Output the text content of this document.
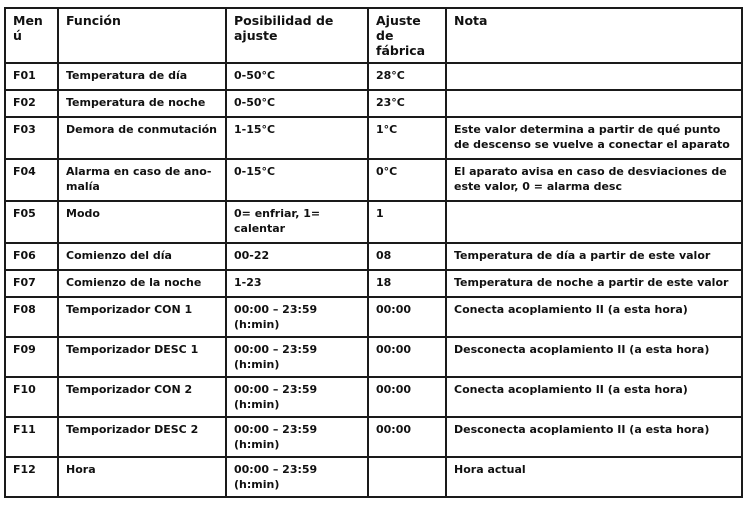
Menú	Función	Posibilidad de ajuste	Ajuste de fábrica	Nota
F01	Temperatura de día	0-50°C	28°C	
F02	Temperatura de noche	0-50°C	23°C	
F03	Demora de conmutación	1-15°C	1°C	Este valor determina a partir de qué punto de descenso se vuelve a conectar el aparato
F04	Alarma en caso de ano-malía	0-15°C	0°C	El aparato avisa en caso de desviaciones de este valor, 0 = alarma desc
F05	Modo	0= enfriar, 1= calentar	1	
F06	Comienzo del día	00-22	08	Temperatura de día a partir de este valor
F07	Comienzo de la noche	1-23	18	Temperatura de noche a partir de este valor
F08	Temporizador CON 1	00:00 – 23:59 (h:min)	00:00	Conecta acoplamiento II (a esta hora)
F09	Temporizador DESC 1	00:00 – 23:59 (h:min)	00:00	Desconecta acoplamiento II (a esta hora)
F10	Temporizador CON 2	00:00 – 23:59 (h:min)	00:00	Conecta acoplamiento II (a esta hora)
F11	Temporizador DESC 2	00:00 – 23:59 (h:min)	00:00	Desconecta acoplamiento II (a esta hora)
F12	Hora	00:00 – 23:59 (h:min)		Hora actual
